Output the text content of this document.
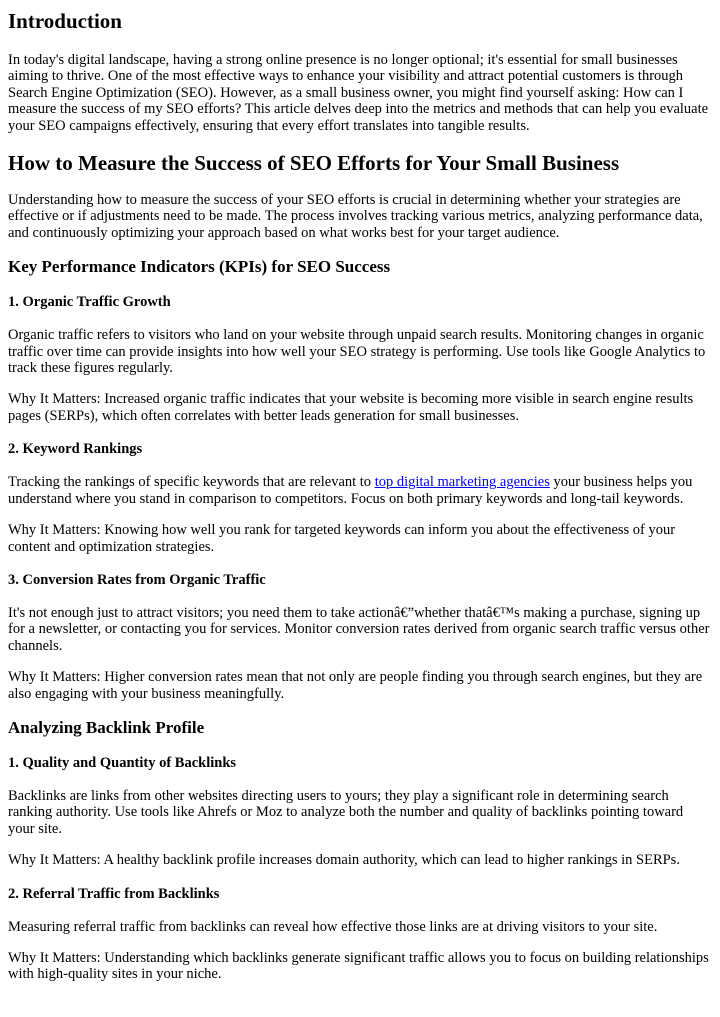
Introduction

In today's digital landscape, having a strong online presence is no longer optional; it's essential for small businesses aiming to thrive. One of the most effective ways to enhance your visibility and attract potential customers is through Search Engine Optimization (SEO). However, as a small business owner, you might find yourself asking: How can I measure the success of my SEO efforts? This article delves deep into the metrics and methods that can help you evaluate your SEO campaigns effectively, ensuring that every effort translates into tangible results.

How to Measure the Success of SEO Efforts for Your Small Business

Understanding how to measure the success of your SEO efforts is crucial in determining whether your strategies are effective or if adjustments need to be made. The process involves tracking various metrics, analyzing performance data, and continuously optimizing your approach based on what works best for your target audience.

Key Performance Indicators (KPIs) for SEO Success
1. Organic Traffic Growth

Organic traffic refers to visitors who land on your website through unpaid search results. Monitoring changes in organic traffic over time can provide insights into how well your SEO strategy is performing. Use tools like Google Analytics to track these figures regularly.

Why It Matters: Increased organic traffic indicates that your website is becoming more visible in search engine results pages (SERPs), which often correlates with better leads generation for small businesses.

2. Keyword Rankings

Tracking the rankings of specific keywords that are relevant to top digital marketing agencies your business helps you understand where you stand in comparison to competitors. Focus on both primary keywords and long-tail keywords.

Why It Matters: Knowing how well you rank for targeted keywords can inform you about the effectiveness of your content and optimization strategies.

3. Conversion Rates from Organic Traffic

It's not enough just to attract visitors; you need them to take actionâ€”whether thatâ€™s making a purchase, signing up for a newsletter, or contacting you for services. Monitor conversion rates derived from organic search traffic versus other channels.

Why It Matters: Higher conversion rates mean that not only are people finding you through search engines, but they are also engaging with your business meaningfully.

Analyzing Backlink Profile
1. Quality and Quantity of Backlinks

Backlinks are links from other websites directing users to yours; they play a significant role in determining search ranking authority. Use tools like Ahrefs or Moz to analyze both the number and quality of backlinks pointing toward your site.

Why It Matters: A healthy backlink profile increases domain authority, which can lead to higher rankings in SERPs.

2. Referral Traffic from Backlinks

Measuring referral traffic from backlinks can reveal how effective those links are at driving visitors to your site.

Why It Matters: Understanding which backlinks generate significant traffic allows you to focus on building relationships with high-quality sites in your niche.
